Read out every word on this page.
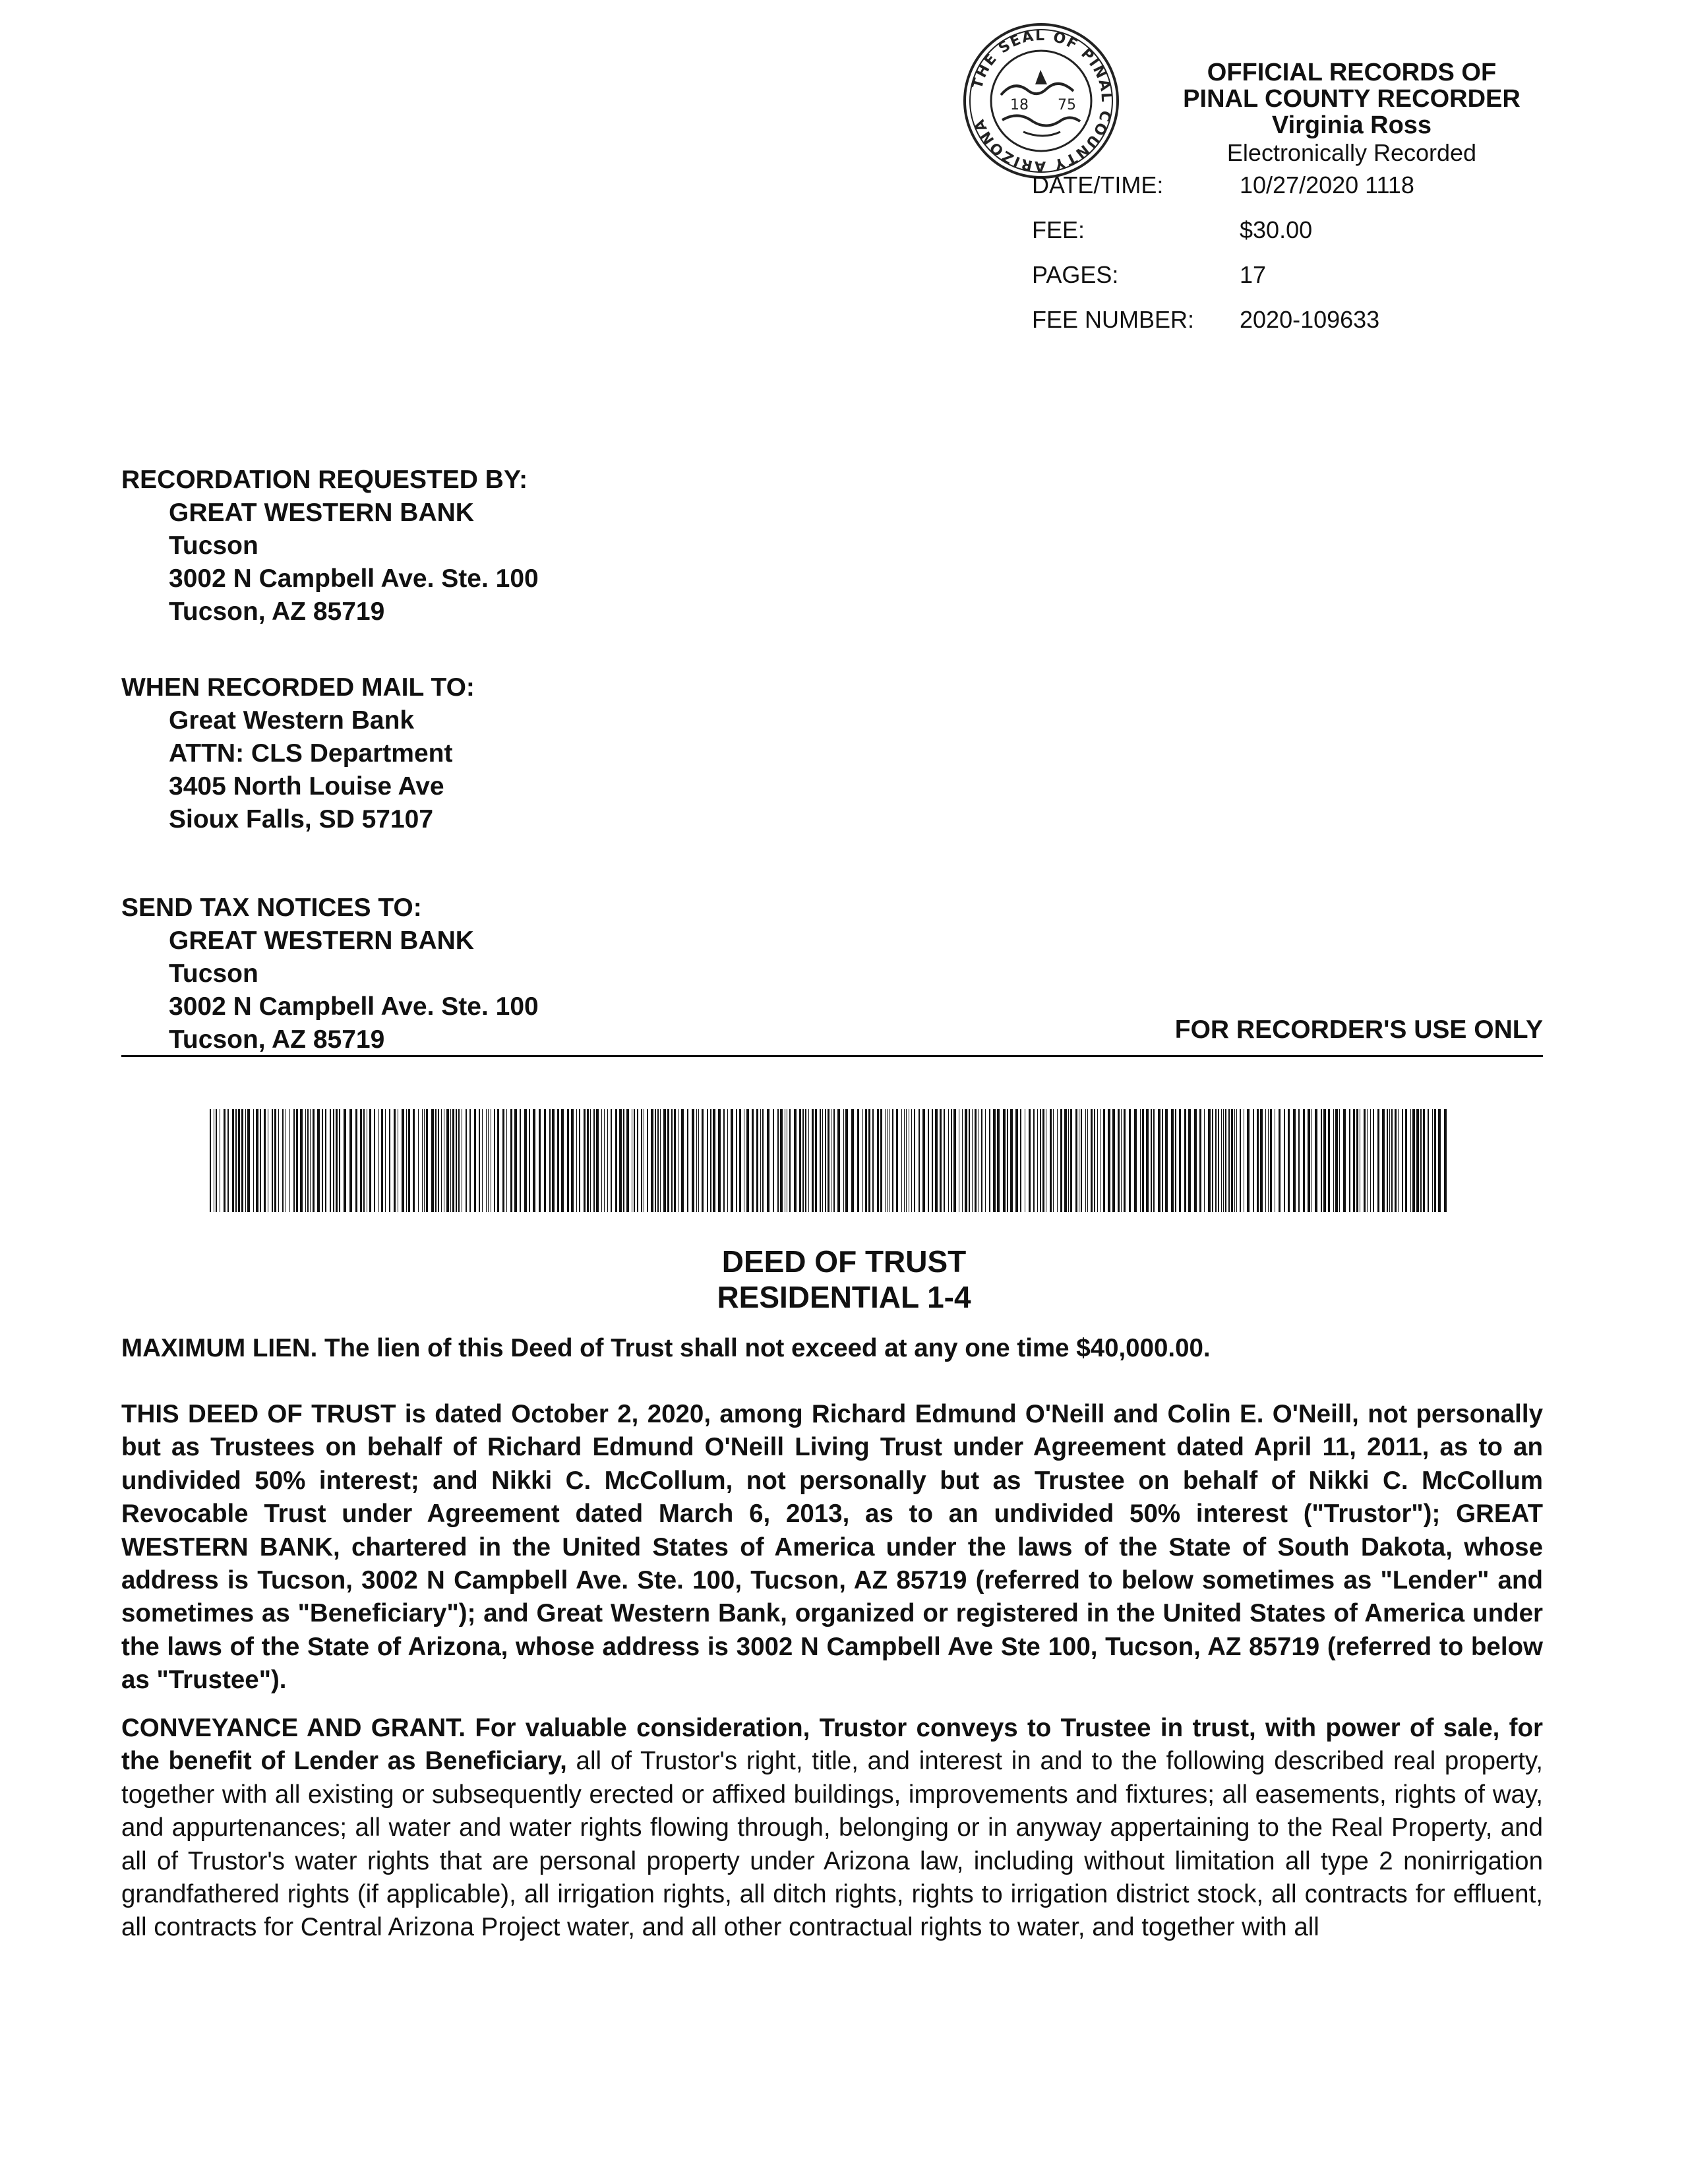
THE SEAL OF PINAL COUNTY ARIZONA
18 75
OFFICIAL RECORDS OF
PINAL COUNTY RECORDER
Virginia Ross
Electronically Recorded
DATE/TIME:	10/27/2020 1118
FEE:	$30.00
PAGES:	17
FEE NUMBER: 2020-109633
RECORDATION REQUESTED BY:
GREAT WESTERN BANK
Tucson
3002 N Campbell Ave. Ste. 100
Tucson, AZ 85719
WHEN RECORDED MAIL TO:
Great Western Bank
ATTN: CLS Department
3405 North Louise Ave
Sioux Falls, SD 57107
SEND TAX NOTICES TO:
GREAT WESTERN BANK
Tucson
3002 N Campbell Ave. Ste. 100
Tucson, AZ 85719	FOR RECORDER'S USE ONLY
DEED OF TRUST
RESIDENTIAL 1-4
MAXIMUM LIEN. The lien of this Deed of Trust shall not exceed at any one time $40,000.00.
THIS DEED OF TRUST is dated October 2, 2020, among Richard Edmund O'Neill and Colin E. O'Neill, not personally but as Trustees on behalf of Richard Edmund O'Neill Living Trust under Agreement dated April 11, 2011, as to an undivided 50% interest; and Nikki C. McCollum, not personally but as Trustee on behalf of Nikki C. McCollum Revocable Trust under Agreement dated March 6, 2013, as to an undivided 50% interest ("Trustor"); GREAT WESTERN BANK, chartered in the United States of America under the laws of the State of South Dakota, whose address is Tucson, 3002 N Campbell Ave. Ste. 100, Tucson, AZ 85719 (referred to below sometimes as "Lender" and sometimes as "Beneficiary"); and Great Western Bank, organized or registered in the United States of America under the laws of the State of Arizona, whose address is 3002 N Campbell Ave Ste 100, Tucson, AZ 85719 (referred to below as "Trustee").
CONVEYANCE AND GRANT. For valuable consideration, Trustor conveys to Trustee in trust, with power of sale, for the benefit of Lender as Beneficiary, all of Trustor's right, title, and interest in and to the following described real property, together with all existing or subsequently erected or affixed buildings, improvements and fixtures; all easements, rights of way, and appurtenances; all water and water rights flowing through, belonging or in anyway appertaining to the Real Property, and all of Trustor's water rights that are personal property under Arizona law, including without limitation all type 2 nonirrigation grandfathered rights (if applicable), all irrigation rights, all ditch rights, rights to irrigation district stock, all contracts for effluent, all contracts for Central Arizona Project water, and all other contractual rights to water, and together with all
